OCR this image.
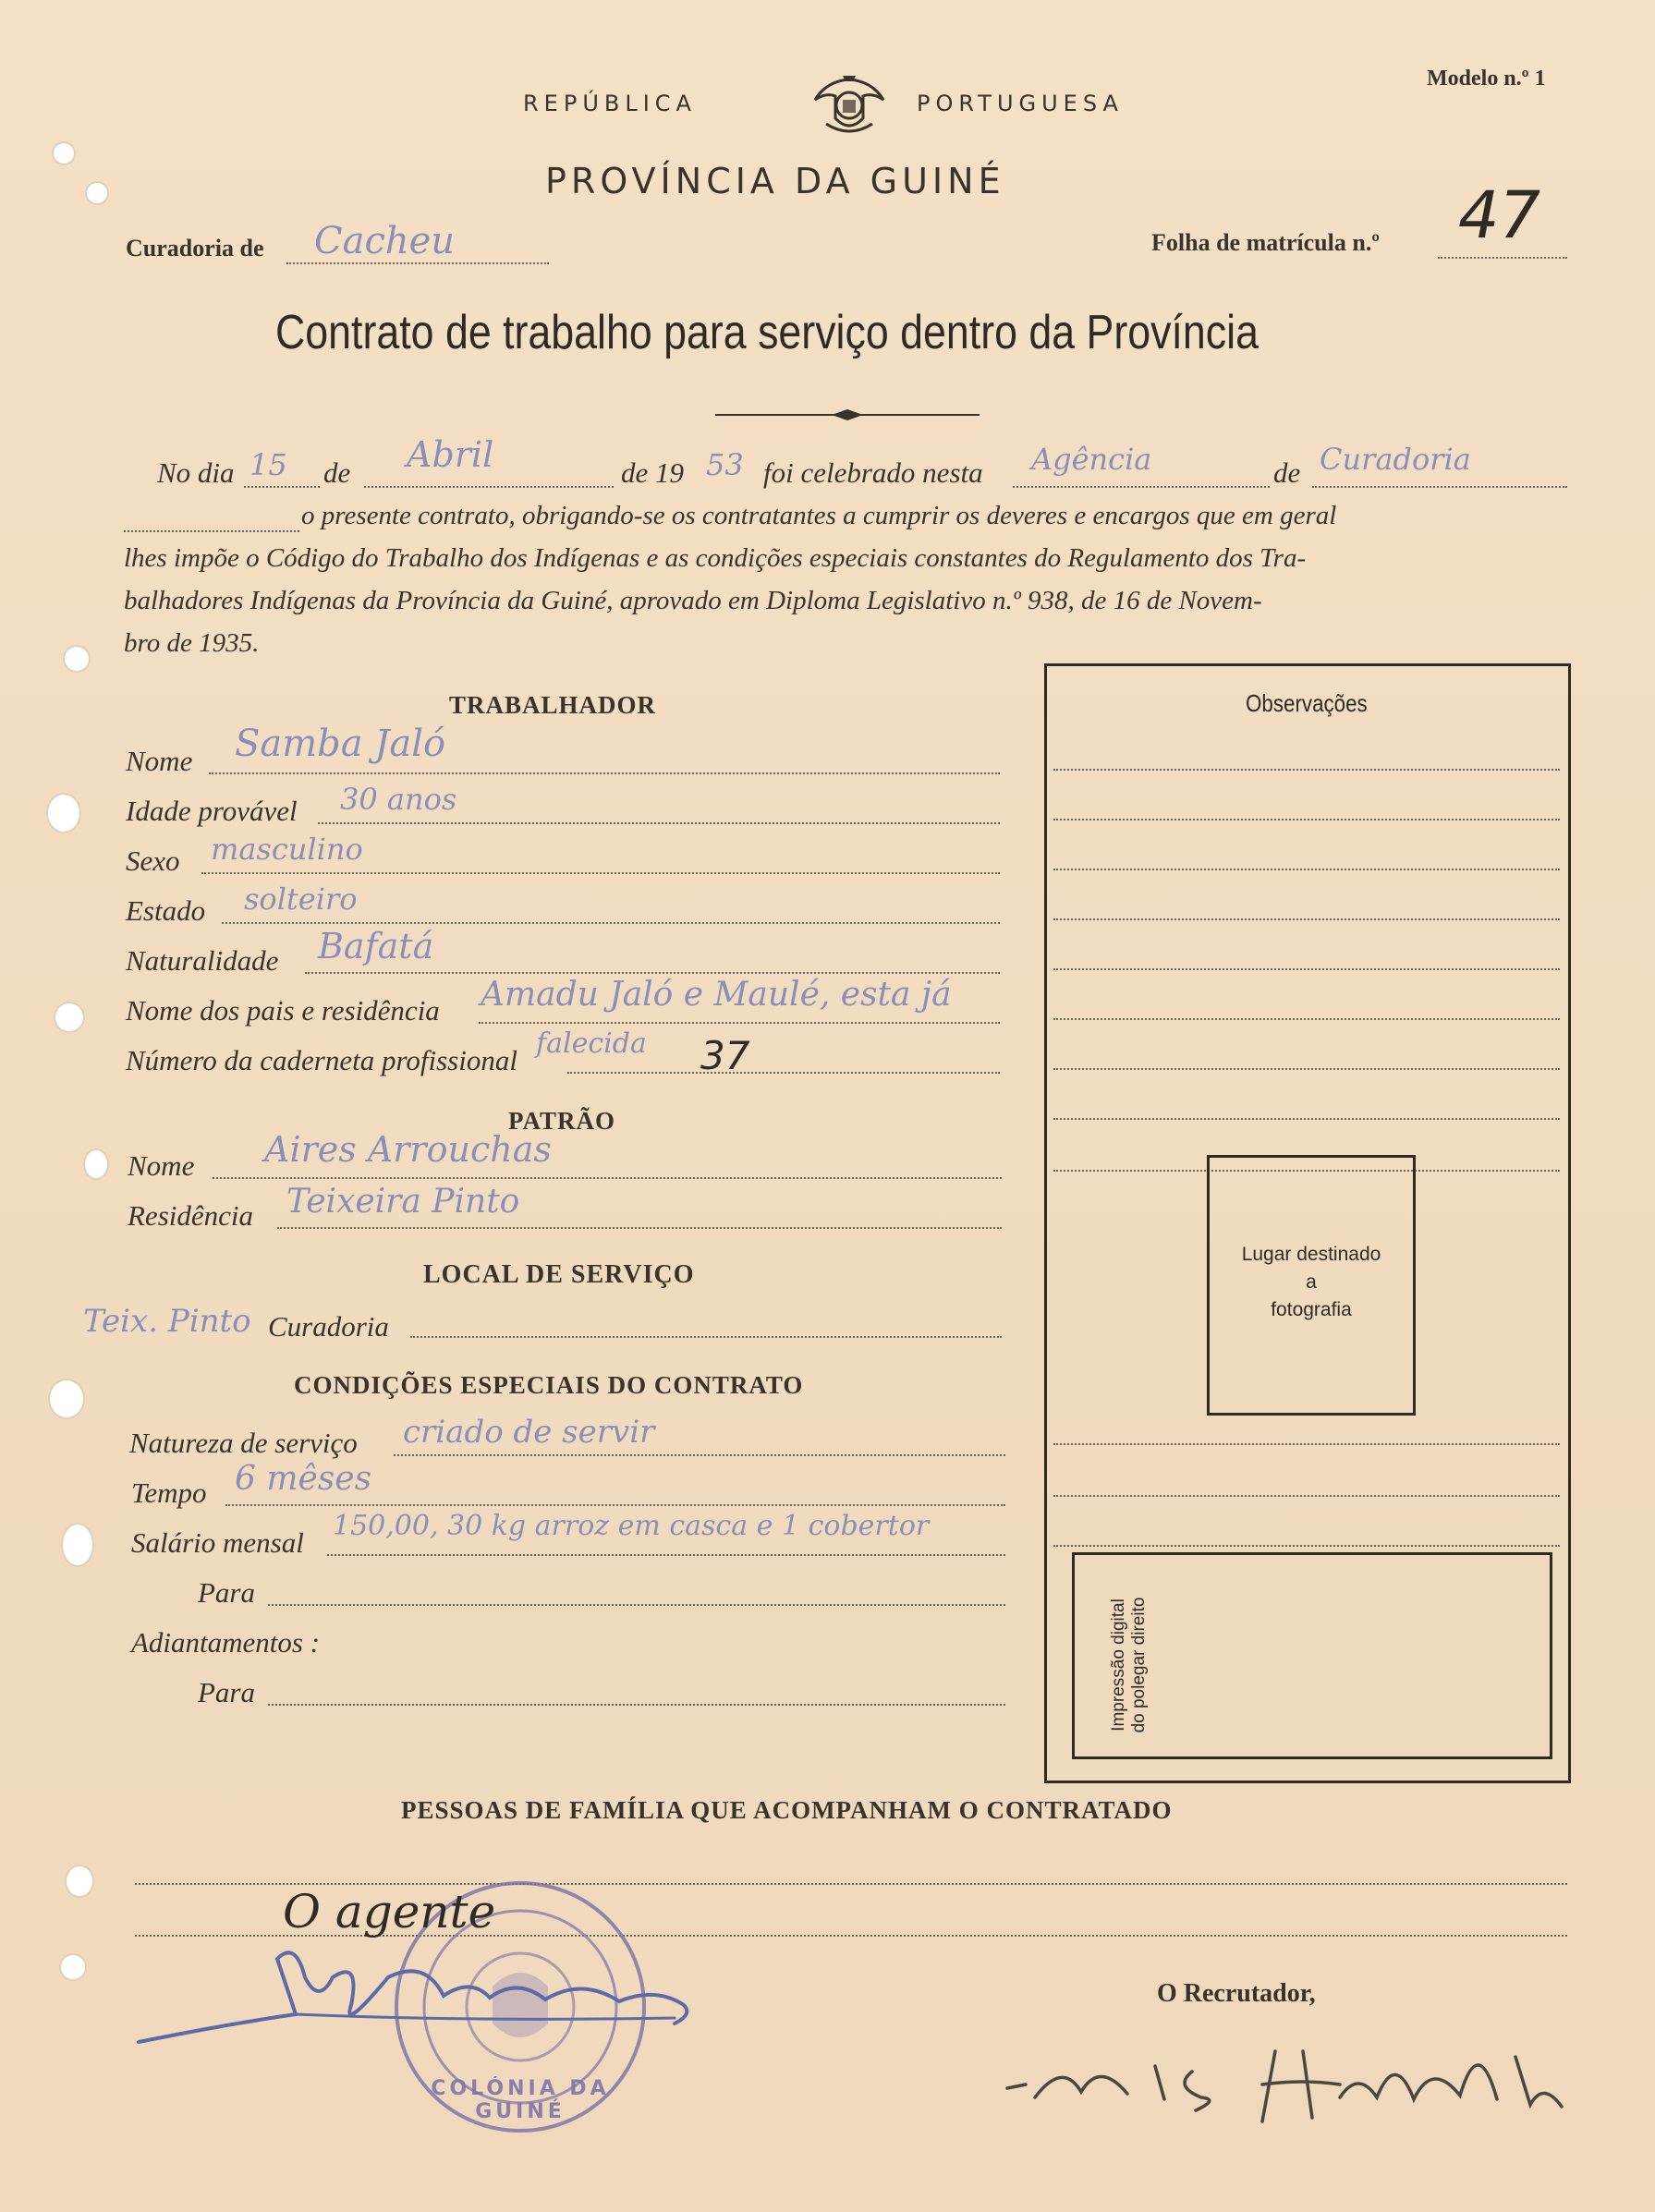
REPÚBLICA	PORTUGUESA
Modelo n.º 1
PROVÍNCIA DA GUINÉ
Curadoria de Cacheu	Folha de matrícula n.º 47
Contrato de trabalho para serviço dentro da Província
No dia 15 de Abril	de 19 53 foi celebrado nesta Agência	de Curadoria
o presente contrato, obrigando-se os contratantes a cumprir os deveres e encargos que em geral
lhes impõe o Código do Trabalho dos Indígenas e as condições especiais constantes do Regulamento dos Tra-
balhadores Indígenas da Província da Guiné, aprovado em Diploma Legislativo n.º 938, de 16 de Novem-
bro de 1935.
TRABALHADOR
Nome Samba Jaló
Idade provável 30 anos
Sexo masculino
Estado solteiro
Naturalidade Bafatá
Nome dos pais e residência Amadu Jaló e Maulé, esta já
Número da caderneta profissional
falecida 37
PATRÃO
Nome Aires Arrouchas
Residência Teixeira Pinto
LOCAL DE SERVIÇO
Teix. Pinto Curadoria
CONDIÇÕES ESPECIAIS DO CONTRATO
Natureza de serviço criado de servir
Tempo 6 mêses
Salário mensal
150,00, 30 kg arroz em casca e 1 cobertor
Para
Adiantamentos :
Para
Observações
Lugar destinado
a
fotografia
Impressão digital
do polegar direito
PESSOAS DE FAMÍLIA QUE ACOMPANHAM O CONTRATADO
COLÓNIA DA GUINÉ
O agente
O Recrutador,
